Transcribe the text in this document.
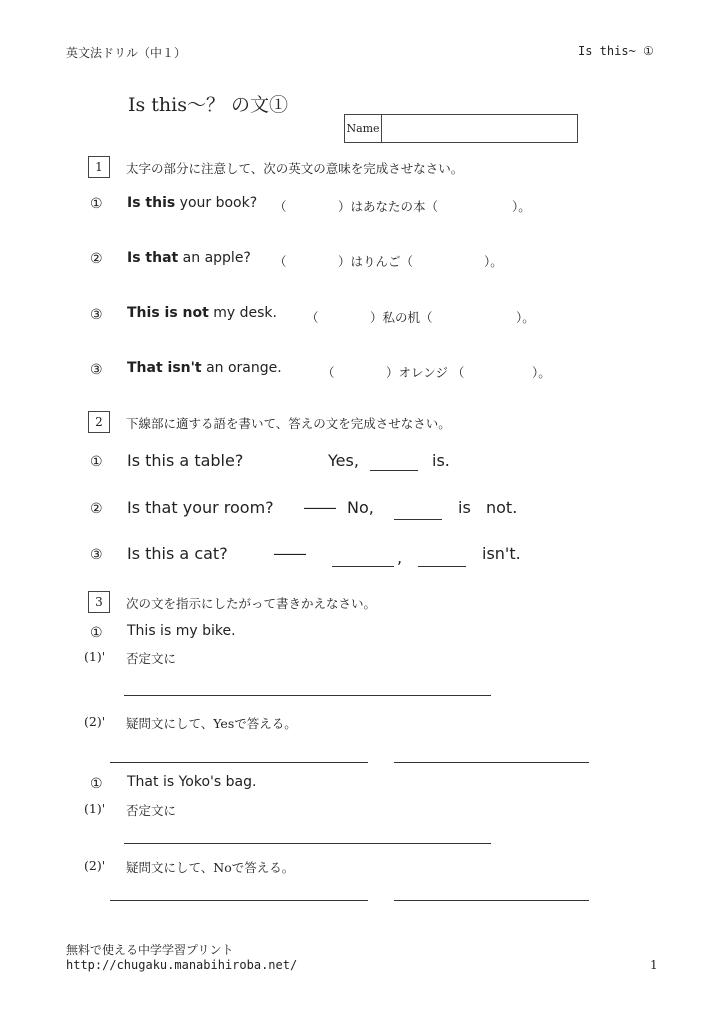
英文法ドリル（中１）	Is this~ ①
Is this～？ の文①
Name
1	太字の部分に注意して、次の英文の意味を完成させなさい。
① Is this your book? （	）はあなたの本（	）。
② Is that an apple? （	）はりんご（	）。
③ This is not my desk. （	）私の机（	）。
③ That isn't an orange.	（	）オレンジ （	）。
2	下線部に適する語を書いて、答えの文を完成させなさい。
① Is this a table?	Yes,	is.
② Is that your room? ―― No,	is not.
③ Is this a cat?	――	,	isn't.
3	次の文を指示にしたがって書きかえなさい。
① This is my bike.
(1)' 否定文に
(2)' 疑問文にして、Yesで答える。
① That is Yoko's bag.
(1)' 否定文に
(2)' 疑問文にして、Noで答える。
無料で使える中学学習プリント
http://chugaku.manabihiroba.net/	1
